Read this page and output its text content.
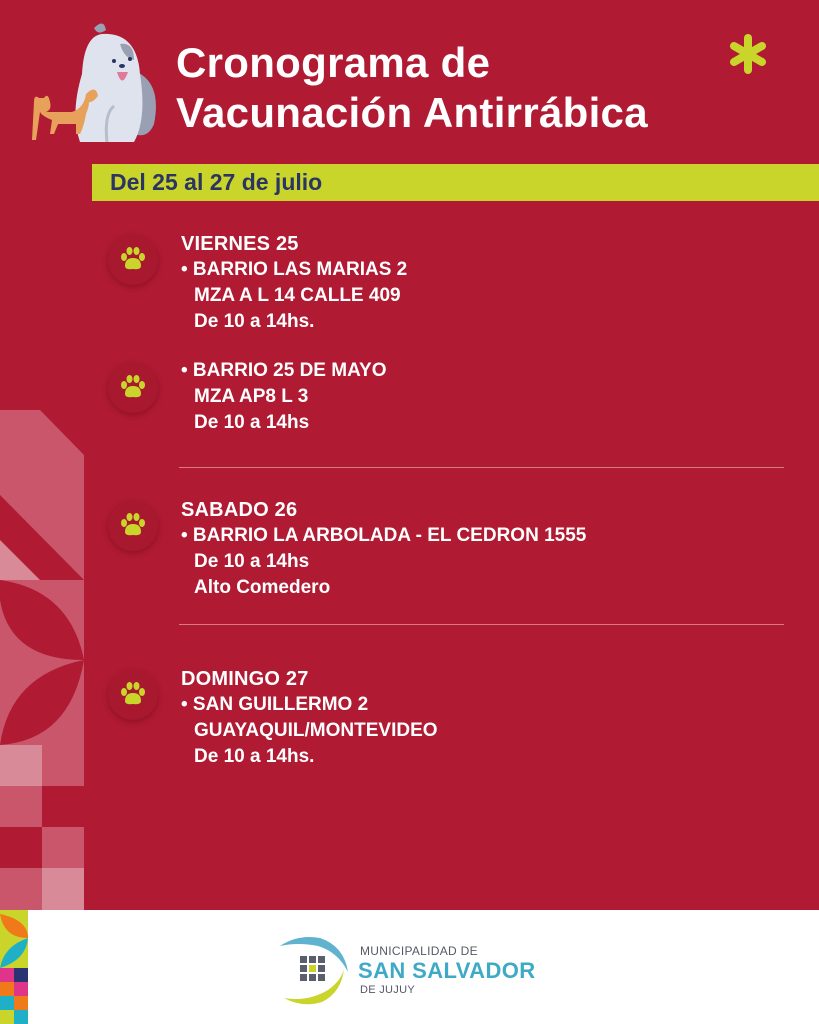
Cronograma de
Vacunación Antirrábica
Del 25 al 27 de julio
VIERNES 25
• BARRIO LAS MARIAS 2
MZA A L 14 CALLE 409
De 10 a 14hs.
• BARRIO 25 DE MAYO
MZA AP8 L 3
De 10 a 14hs
SABADO 26
• BARRIO LA ARBOLADA - EL CEDRON 1555
De 10 a 14hs
Alto Comedero
DOMINGO 27
• SAN GUILLERMO 2
GUAYAQUIL/MONTEVIDEO
De 10 a 14hs.
MUNICIPALIDAD DE
SAN SALVADOR
DE JUJUY
